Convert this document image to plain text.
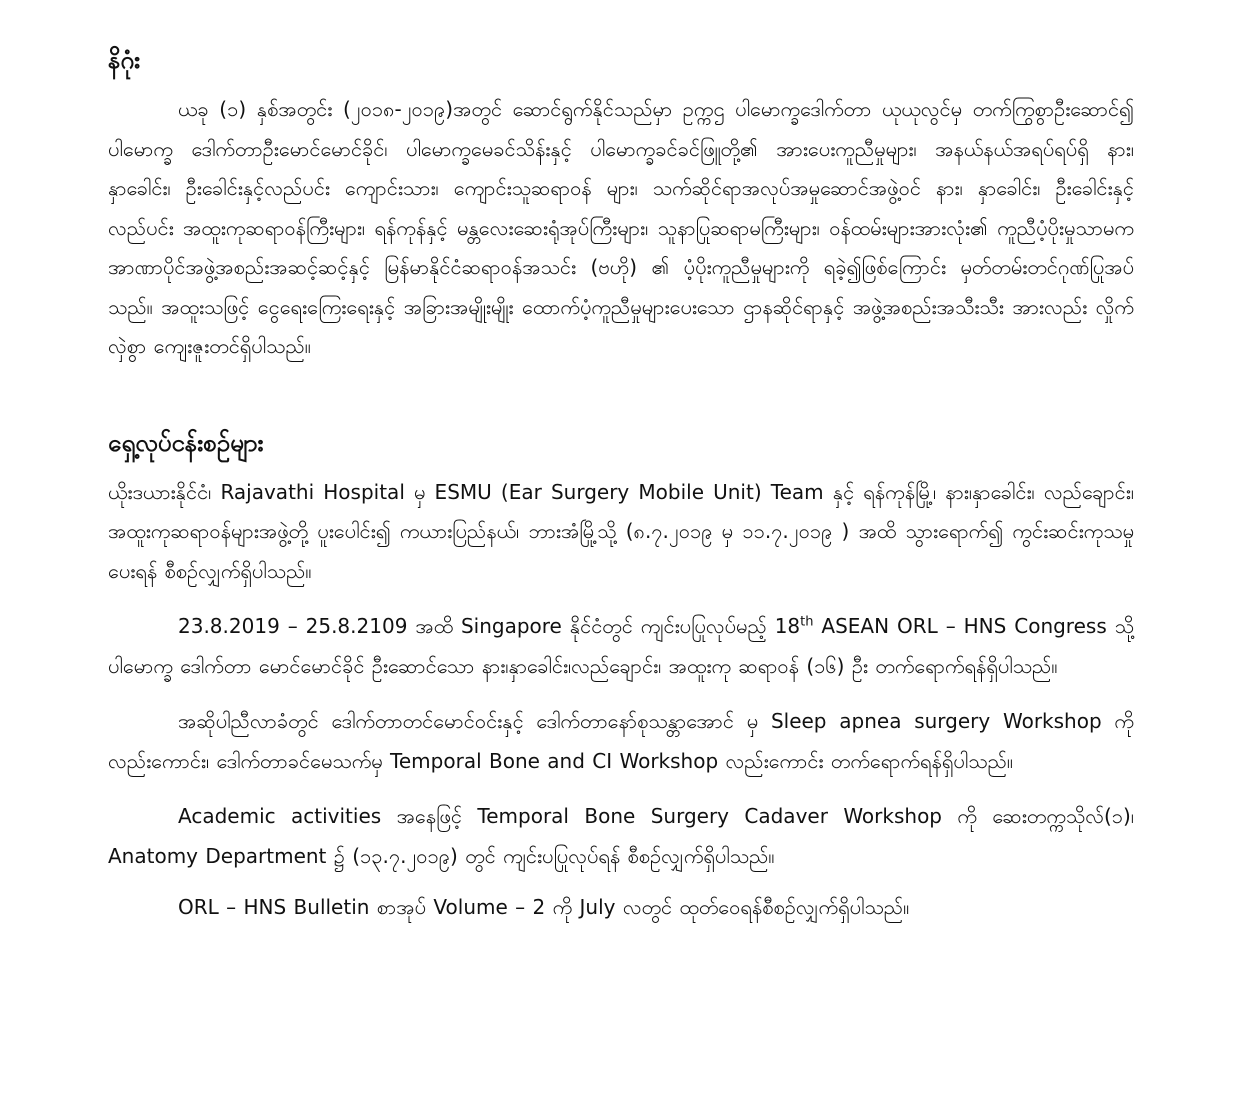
နိဂုံး

ယခု (၁) နှစ်အတွင်း (၂၀၁၈-၂၀၁၉)အတွင် ဆောင်ရွက်နိုင်သည်မှာ ဥက္ကဌ ပါမောက္ခဒေါက်တာ ယုယုလွင်မှ တက်ကြွစွာဦးဆောင်၍ ပါမောက္ခ ဒေါက်တာဦးမောင်မောင်ခိုင်၊ ပါမောက္ခမေခင်သိန်းနှင့် ပါမောက္ခခင်ခင်ဖြူတို့၏ အားပေးကူညီမှုများ၊ အနယ်နယ်အရပ်ရပ်ရှိ နား၊ နှာခေါင်း၊ ဦးခေါင်းနှင့်လည်ပင်း ကျောင်းသား၊ ကျောင်းသူဆရာဝန် များ၊ သက်ဆိုင်ရာအလုပ်အမှုဆောင်အဖွဲ့ဝင် နား၊ နှာခေါင်း၊ ဦးခေါင်းနှင့်လည်ပင်း အထူးကုဆရာဝန်ကြီးများ၊ ရန်ကုန်နှင့် မန္တလေးဆေးရုံအုပ်ကြီးများ၊ သူနာပြုဆရာမကြီးများ၊ ဝန်ထမ်းများအားလုံး၏ ကူညီပံ့ပိုးမှုသာမက အာဏာပိုင်အဖွဲ့အစည်းအဆင့်ဆင့်နှင့် မြန်မာနိုင်ငံဆရာဝန်အသင်း (ဗဟို) ၏ ပံ့ပိုးကူညီမှုများကို ရခဲ့၍ဖြစ်ကြောင်း မှတ်တမ်းတင်ဂုဏ်ပြုအပ်သည်။ အထူးသဖြင့် ငွေရေးကြေးရေးနှင့် အခြားအမျိုးမျိုး ထောက်ပံ့ကူညီမှုများပေးသော ဌာနဆိုင်ရာနှင့် အဖွဲ့အစည်းအသီးသီး အားလည်း လှိုက်လှဲစွာ ကျေးဇူးတင်ရှိပါသည်။

ရှေ့လုပ်ငန်းစဉ်များ

ယိုးဒယားနိုင်ငံ၊ Rajavathi Hospital မှ ESMU (Ear Surgery Mobile Unit) Team နှင့် ရန်ကုန်မြို့၊ နား၊နှာခေါင်း၊ လည်ချောင်း၊ အထူးကုဆရာဝန်များအဖွဲ့တို့ ပူးပေါင်း၍ ကယားပြည်နယ်၊ ဘားအံမြို့သို့ (၈.၇.၂၀၁၉ မှ ၁၁.၇.၂၀၁၉ ) အထိ သွားရောက်၍ ကွင်းဆင်းကုသမှုပေးရန် စီစဉ်လျှက်ရှိပါသည်။

23.8.2019 – 25.8.2109 အထိ Singapore နိုင်ငံတွင် ကျင်းပပြုလုပ်မည့် 18th ASEAN ORL – HNS Congress သို့ ပါမောက္ခ ဒေါက်တာ မောင်မောင်ခိုင် ဦးဆောင်သော နား၊နှာခေါင်း၊လည်ချောင်း၊ အထူးကု ဆရာဝန် (၁၆) ဦး တက်ရောက်ရန်ရှိပါသည်။

အဆိုပါညီလာခံတွင် ဒေါက်တာတင်မောင်ဝင်းနှင့် ဒေါက်တာနော်စုသန္တာအောင် မှ Sleep apnea surgery Workshop ကိုလည်းကောင်း၊ ဒေါက်တာခင်မေသက်မှ Temporal Bone and CI Workshop လည်းကောင်း တက်ရောက်ရန်ရှိပါသည်။

Academic activities အနေဖြင့် Temporal Bone Surgery Cadaver Workshop ကို ဆေးတက္ကသိုလ်(၁)၊ Anatomy Department ၌ (၁၃.၇.၂၀၁၉) တွင် ကျင်းပပြုလုပ်ရန် စီစဉ်လျှက်ရှိပါသည်။

ORL – HNS Bulletin စာအုပ် Volume – 2 ကို July လတွင် ထုတ်ဝေရန်စီစဉ်လျှက်ရှိပါသည်။
